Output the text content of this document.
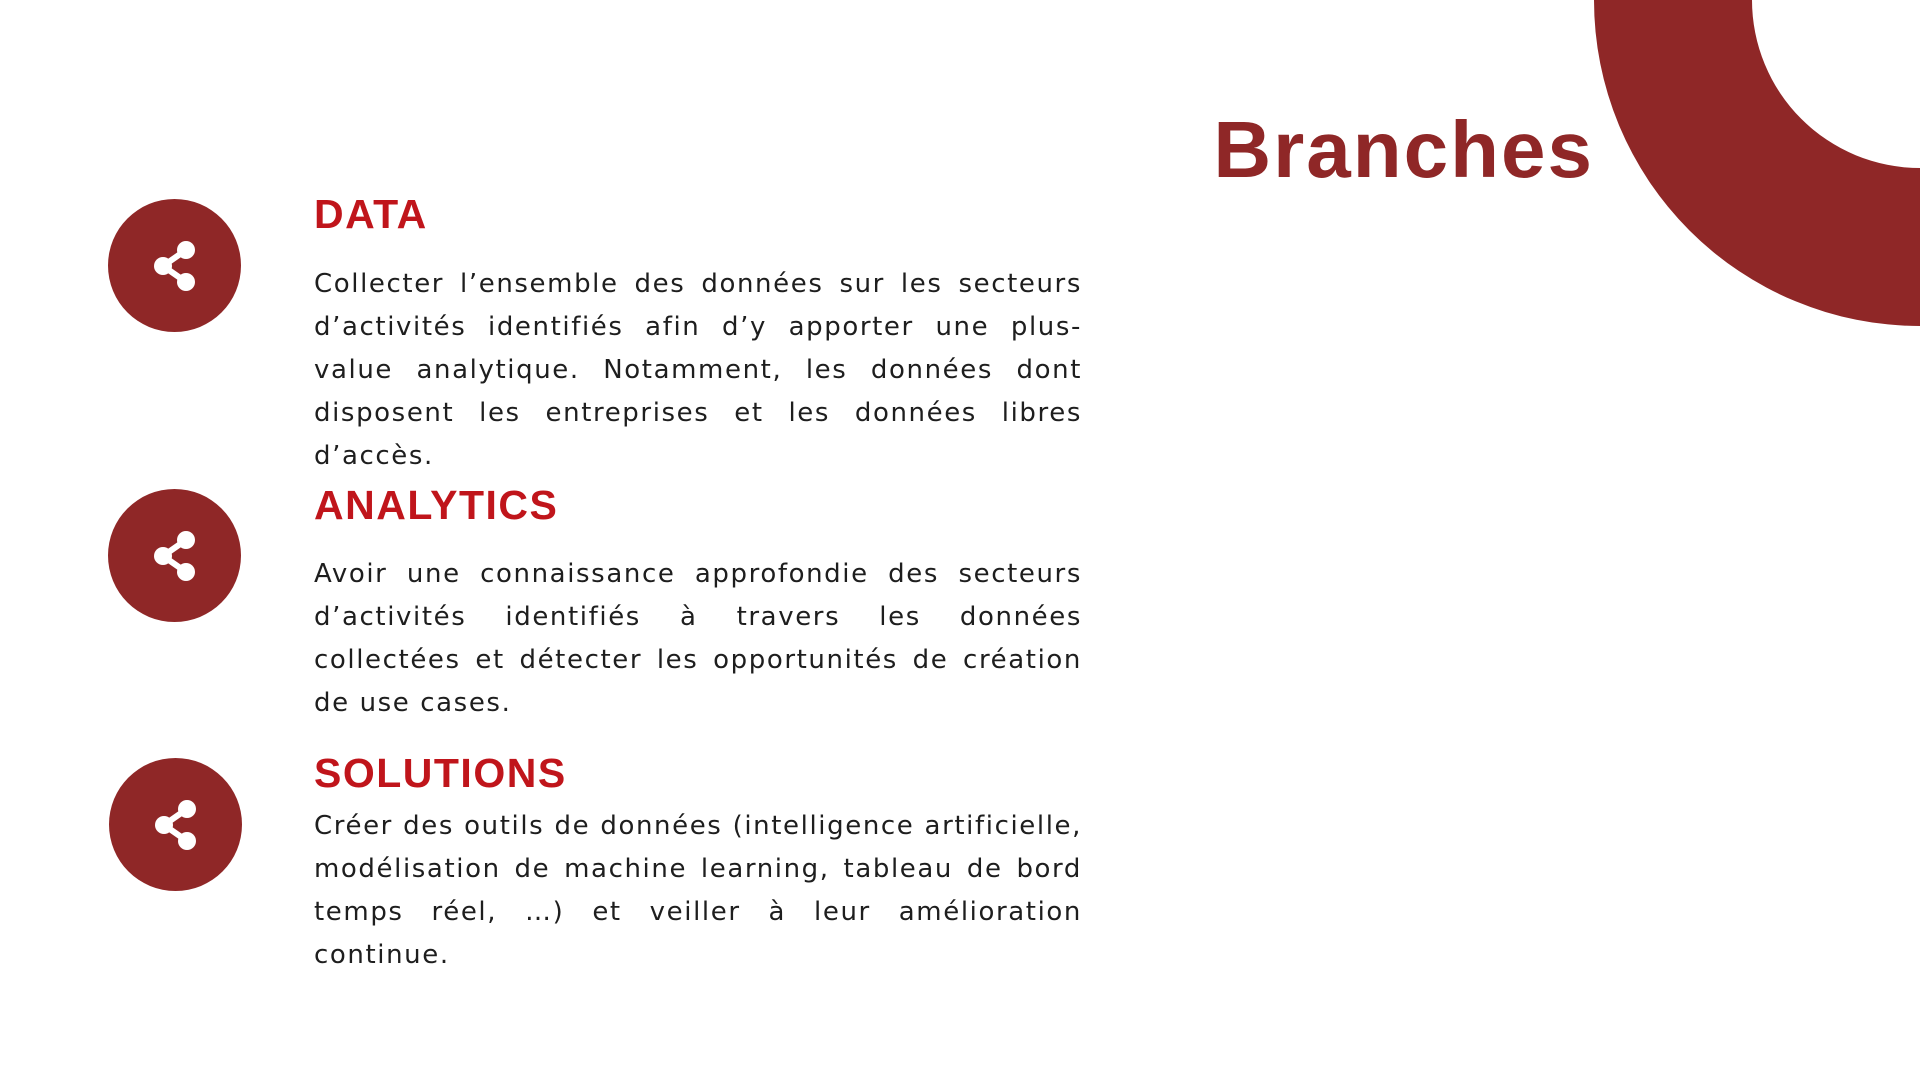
Branches
DATA

Collecter l’ensemble des données sur les secteurs d’activités identifiés afin d’y apporter une plus-value analytique. Notamment, les données dont disposent les entreprises et les données libres d’accès.

ANALYTICS

Avoir une connaissance approfondie des secteurs d’activités identifiés à travers les données collectées et détecter les opportunités de création de use cases.

SOLUTIONS

Créer des outils de données (intelligence artificielle, modélisation de machine learning, tableau de bord temps réel, …) et veiller à leur amélioration continue.
